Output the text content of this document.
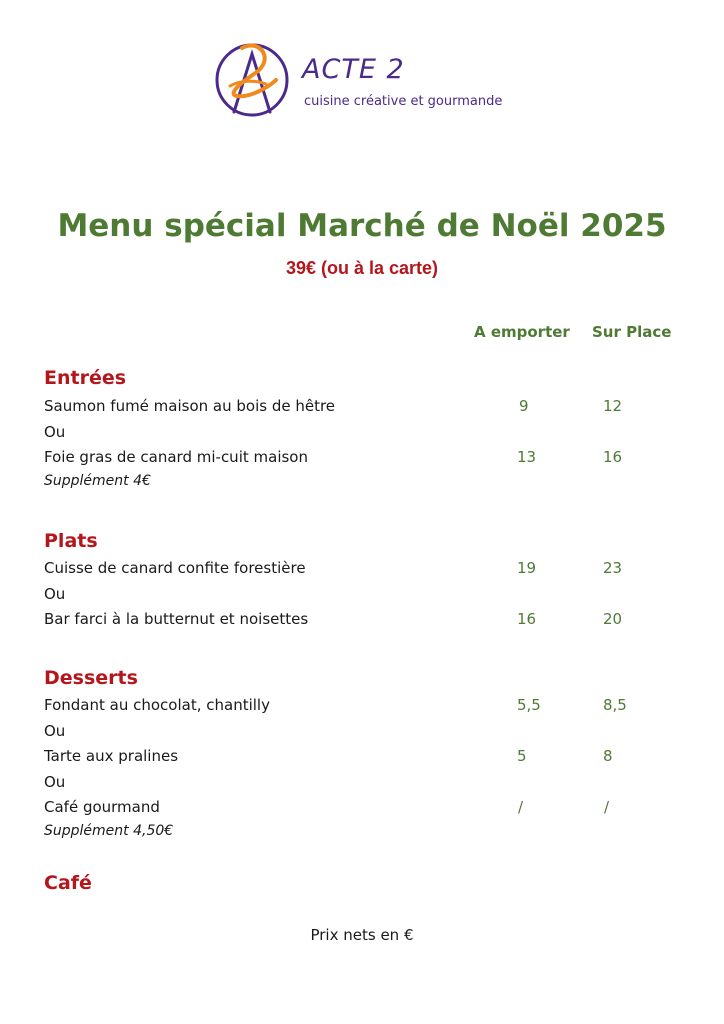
ACTE 2
cuisine créative et gourmande
Menu spécial Marché de Noël 2025
39€ (ou à la carte)
A emporter Sur Place
Entrées
Saumon fumé maison au bois de hêtre	9	12
Ou
Foie gras de canard mi-cuit maison	13	16
Supplément 4€
Plats
Cuisse de canard confite forestière	19	23
Ou
Bar farci à la butternut et noisettes	16	20
Desserts
Fondant au chocolat, chantilly	5,5	8,5
Ou
Tarte aux pralines	5	8
Ou
Café gourmand	/	/
Supplément 4,50€
Café
Prix nets en €
